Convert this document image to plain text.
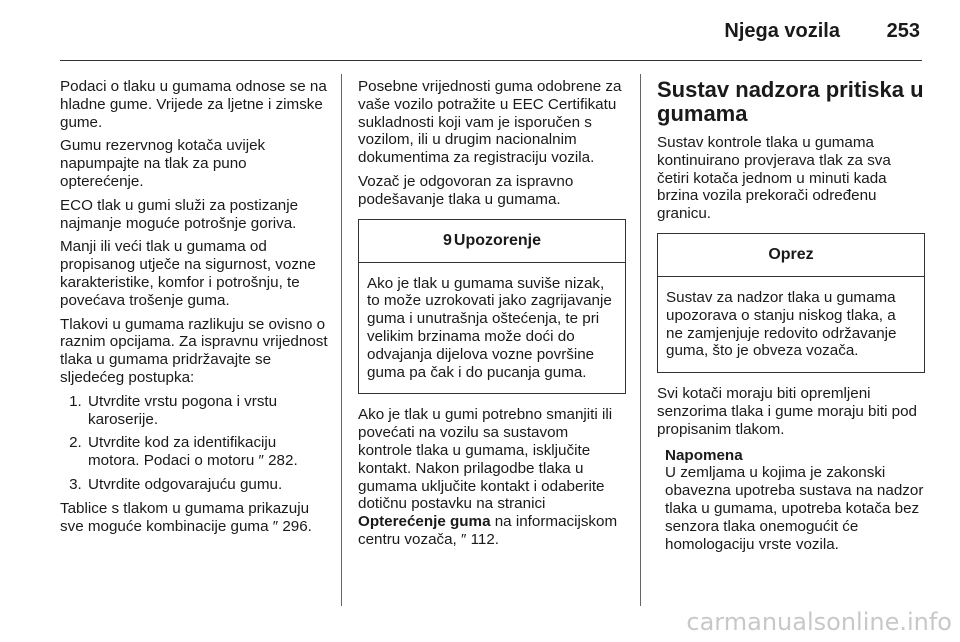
Njega vozila 253

Podaci o tlaku u gumama odnose se na hladne gume. Vrijede za ljetne i zimske gume.

Gumu rezervnog kotača uvijek napumpajte na tlak za puno opterećenje.

ECO tlak u gumi služi za postizanje najmanje moguće potrošnje goriva.

Manji ili veći tlak u gumama od propisanog utječe na sigurnost, vozne karakteristike, komfor i potrošnju, te povećava trošenje guma.

Tlakovi u gumama razlikuju se ovisno o raznim opcijama. Za ispravnu vrijednost tlaka u gumama pridržavajte se sljedećeg postupka:

1. Utvrdite vrstu pogona i vrstu karoserije.
2. Utvrdite kod za identifikaciju motora. Podaci o motoru ″ 282.
3. Utvrdite odgovarajuću gumu.

Tablice s tlakom u gumama prikazuju sve moguće kombinacije guma ″ 296.

Posebne vrijednosti guma odobrene za vaše vozilo potražite u EEC Certifikatu sukladnosti koji vam je isporučen s vozilom, ili u drugim nacionalnim dokumentima za registraciju vozila.

Vozač je odgovoran za ispravno podešavanje tlaka u gumama.

9 Upozorenje
Ako je tlak u gumama suviše nizak, to može uzrokovati jako zagrijavanje guma i unutrašnja oštećenja, te pri velikim brzinama može doći do odvajanja dijelova vozne površine guma pa čak i do pucanja guma.

Ako je tlak u gumi potrebno smanjiti ili povećati na vozilu sa sustavom kontrole tlaka u gumama, isključite kontakt. Nakon prilagodbe tlaka u gumama uključite kontakt i odaberite dotičnu postavku na stranici Opterećenje guma na informacijskom centru vozača, ″ 112.

Sustav nadzora pritiska u gumama

Sustav kontrole tlaka u gumama kontinuirano provjerava tlak za sva četiri kotača jednom u minuti kada brzina vozila prekorači određenu granicu.

Oprez
Sustav za nadzor tlaka u gumama upozorava o stanju niskog tlaka, a ne zamjenjuje redovito održavanje guma, što je obveza vozača.

Svi kotači moraju biti opremljeni senzorima tlaka i gume moraju biti pod propisanim tlakom.

Napomena
U zemljama u kojima je zakonski obavezna upotreba sustava na nadzor tlaka u gumama, upotreba kotača bez senzora tlaka onemogućit će homologaciju vrste vozila.
carmanualsonline.info
